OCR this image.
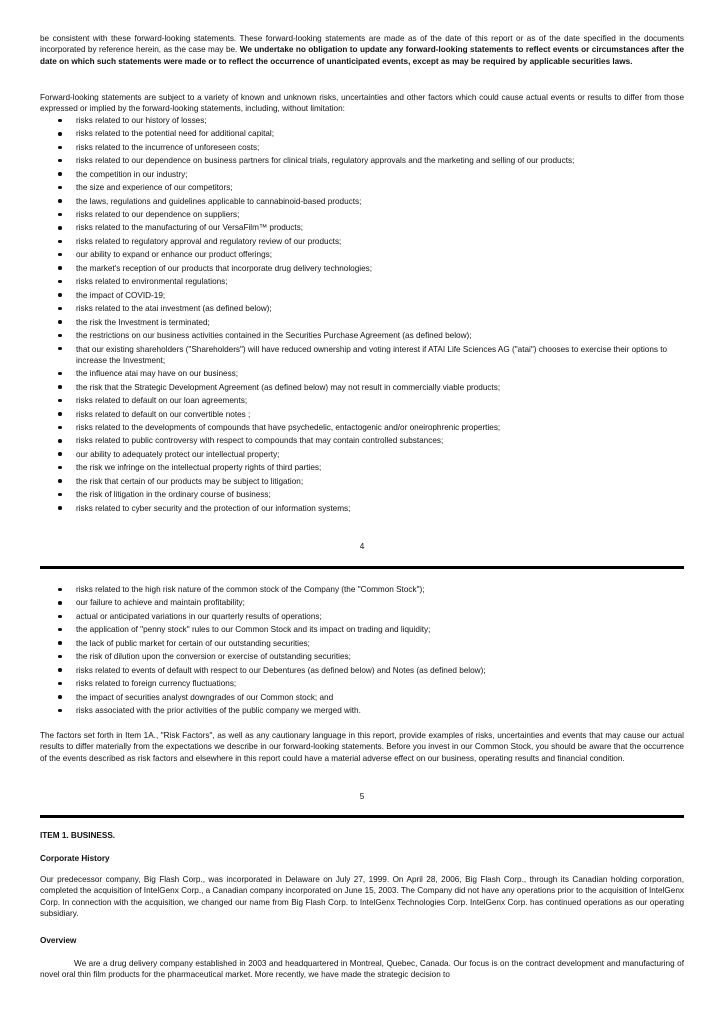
be consistent with these forward-looking statements. These forward-looking statements are made as of the date of this report or as of the date specified in the documents incorporated by reference herein, as the case may be. We undertake no obligation to update any forward-looking statements to reflect events or circumstances after the date on which such statements were made or to reflect the occurrence of unanticipated events, except as may be required by applicable securities laws.

Forward-looking statements are subject to a variety of known and unknown risks, uncertainties and other factors which could cause actual events or results to differ from those expressed or implied by the forward-looking statements, including, without limitation:

risks related to our history of losses;
risks related to the potential need for additional capital;
risks related to the incurrence of unforeseen costs;
risks related to our dependence on business partners for clinical trials, regulatory approvals and the marketing and selling of our products;
the competition in our industry;
the size and experience of our competitors;
the laws, regulations and guidelines applicable to cannabinoid-based products;
risks related to our dependence on suppliers;
risks related to the manufacturing of our VersaFilm™ products;
risks related to regulatory approval and regulatory review of our products;
our ability to expand or enhance our product offerings;
the market's reception of our products that incorporate drug delivery technologies;
risks related to environmental regulations;
the impact of COVID-19;
risks related to the atai investment (as defined below);
the risk the Investment is terminated;
the restrictions on our business activities contained in the Securities Purchase Agreement (as defined below);
that our existing shareholders ("Shareholders") will have reduced ownership and voting interest if ATAI Life Sciences AG ("atai") chooses to exercise their options to increase the Investment;
the influence atai may have on our business;
the risk that the Strategic Development Agreement (as defined below) may not result in commercially viable products;
risks related to default on our loan agreements;
risks related to default on our convertible notes ;
risks related to the developments of compounds that have psychedelic, entactogenic and/or oneirophrenic properties;
risks related to public controversy with respect to compounds that may contain controlled substances;
our ability to adequately protect our intellectual property;
the risk we infringe on the intellectual property rights of third parties;
the risk that certain of our products may be subject to litigation;
the risk of litigation in the ordinary course of business;
risks related to cyber security and the protection of our information systems;
4
risks related to the high risk nature of the common stock of the Company (the "Common Stock");
our failure to achieve and maintain profitability;
actual or anticipated variations in our quarterly results of operations;
the application of "penny stock" rules to our Common Stock and its impact on trading and liquidity;
the lack of public market for certain of our outstanding securities;
the risk of dilution upon the conversion or exercise of outstanding securities;
risks related to events of default with respect to our Debentures (as defined below) and Notes (as defined below);
risks related to foreign currency fluctuations;
the impact of securities analyst downgrades of our Common stock; and
risks associated with the prior activities of the public company we merged with.

The factors set forth in Item 1A., "Risk Factors", as well as any cautionary language in this report, provide examples of risks, uncertainties and events that may cause our actual results to differ materially from the expectations we describe in our forward-looking statements. Before you invest in our Common Stock, you should be aware that the occurrence of the events described as risk factors and elsewhere in this report could have a material adverse effect on our business, operating results and financial condition.

5
ITEM 1. BUSINESS.
Corporate History

Our predecessor company, Big Flash Corp., was incorporated in Delaware on July 27, 1999. On April 28, 2006, Big Flash Corp., through its Canadian holding corporation, completed the acquisition of IntelGenx Corp., a Canadian company incorporated on June 15, 2003. The Company did not have any operations prior to the acquisition of IntelGenx Corp. In connection with the acquisition, we changed our name from Big Flash Corp. to IntelGenx Technologies Corp. IntelGenx Corp. has continued operations as our operating subsidiary.

Overview

We are a drug delivery company established in 2003 and headquartered in Montreal, Quebec, Canada. Our focus is on the contract development and manufacturing of novel oral thin film products for the pharmaceutical market. More recently, we have made the strategic decision to
